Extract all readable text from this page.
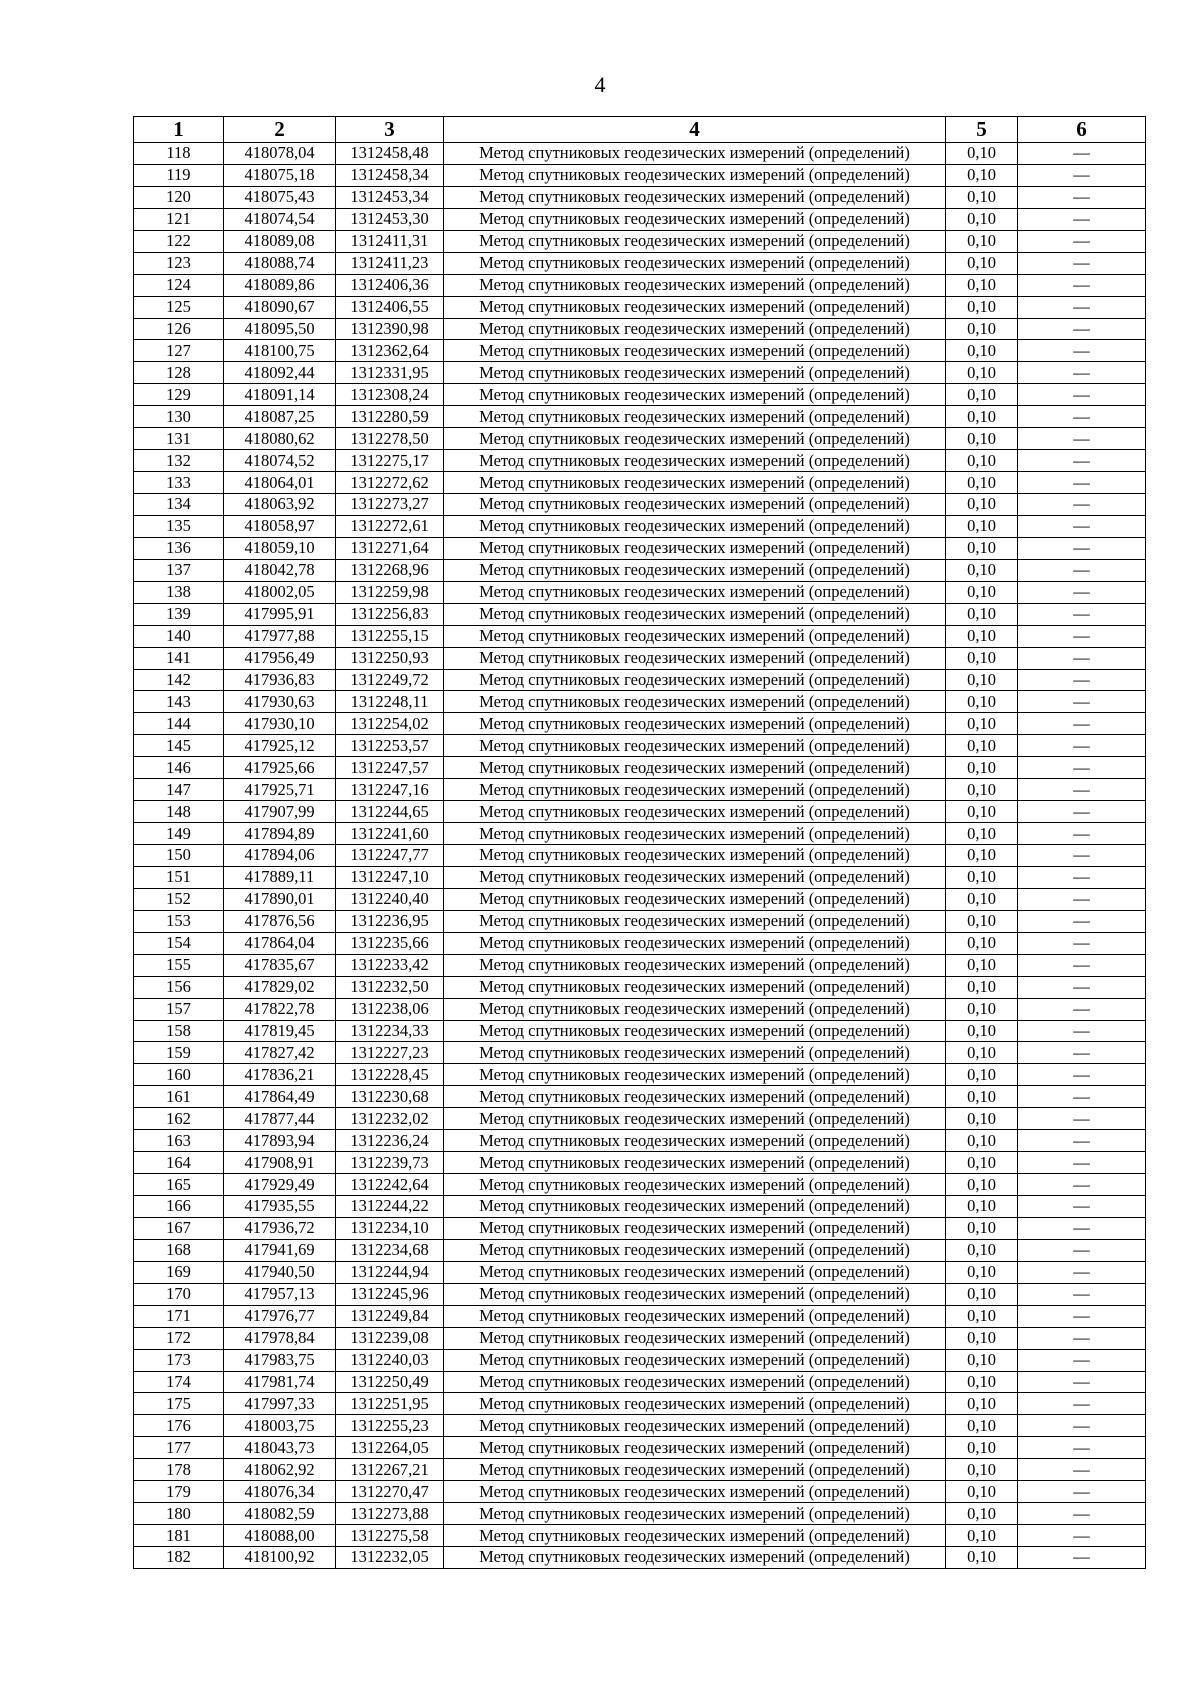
4
1	2	3	4	5	6
118	418078,04	1312458,48	Метод спутниковых геодезических измерений (определений)	0,10	—
119	418075,18	1312458,34	Метод спутниковых геодезических измерений (определений)	0,10	—
120	418075,43	1312453,34	Метод спутниковых геодезических измерений (определений)	0,10	—
121	418074,54	1312453,30	Метод спутниковых геодезических измерений (определений)	0,10	—
122	418089,08	1312411,31	Метод спутниковых геодезических измерений (определений)	0,10	—
123	418088,74	1312411,23	Метод спутниковых геодезических измерений (определений)	0,10	—
124	418089,86	1312406,36	Метод спутниковых геодезических измерений (определений)	0,10	—
125	418090,67	1312406,55	Метод спутниковых геодезических измерений (определений)	0,10	—
126	418095,50	1312390,98	Метод спутниковых геодезических измерений (определений)	0,10	—
127	418100,75	1312362,64	Метод спутниковых геодезических измерений (определений)	0,10	—
128	418092,44	1312331,95	Метод спутниковых геодезических измерений (определений)	0,10	—
129	418091,14	1312308,24	Метод спутниковых геодезических измерений (определений)	0,10	—
130	418087,25	1312280,59	Метод спутниковых геодезических измерений (определений)	0,10	—
131	418080,62	1312278,50	Метод спутниковых геодезических измерений (определений)	0,10	—
132	418074,52	1312275,17	Метод спутниковых геодезических измерений (определений)	0,10	—
133	418064,01	1312272,62	Метод спутниковых геодезических измерений (определений)	0,10	—
134	418063,92	1312273,27	Метод спутниковых геодезических измерений (определений)	0,10	—
135	418058,97	1312272,61	Метод спутниковых геодезических измерений (определений)	0,10	—
136	418059,10	1312271,64	Метод спутниковых геодезических измерений (определений)	0,10	—
137	418042,78	1312268,96	Метод спутниковых геодезических измерений (определений)	0,10	—
138	418002,05	1312259,98	Метод спутниковых геодезических измерений (определений)	0,10	—
139	417995,91	1312256,83	Метод спутниковых геодезических измерений (определений)	0,10	—
140	417977,88	1312255,15	Метод спутниковых геодезических измерений (определений)	0,10	—
141	417956,49	1312250,93	Метод спутниковых геодезических измерений (определений)	0,10	—
142	417936,83	1312249,72	Метод спутниковых геодезических измерений (определений)	0,10	—
143	417930,63	1312248,11	Метод спутниковых геодезических измерений (определений)	0,10	—
144	417930,10	1312254,02	Метод спутниковых геодезических измерений (определений)	0,10	—
145	417925,12	1312253,57	Метод спутниковых геодезических измерений (определений)	0,10	—
146	417925,66	1312247,57	Метод спутниковых геодезических измерений (определений)	0,10	—
147	417925,71	1312247,16	Метод спутниковых геодезических измерений (определений)	0,10	—
148	417907,99	1312244,65	Метод спутниковых геодезических измерений (определений)	0,10	—
149	417894,89	1312241,60	Метод спутниковых геодезических измерений (определений)	0,10	—
150	417894,06	1312247,77	Метод спутниковых геодезических измерений (определений)	0,10	—
151	417889,11	1312247,10	Метод спутниковых геодезических измерений (определений)	0,10	—
152	417890,01	1312240,40	Метод спутниковых геодезических измерений (определений)	0,10	—
153	417876,56	1312236,95	Метод спутниковых геодезических измерений (определений)	0,10	—
154	417864,04	1312235,66	Метод спутниковых геодезических измерений (определений)	0,10	—
155	417835,67	1312233,42	Метод спутниковых геодезических измерений (определений)	0,10	—
156	417829,02	1312232,50	Метод спутниковых геодезических измерений (определений)	0,10	—
157	417822,78	1312238,06	Метод спутниковых геодезических измерений (определений)	0,10	—
158	417819,45	1312234,33	Метод спутниковых геодезических измерений (определений)	0,10	—
159	417827,42	1312227,23	Метод спутниковых геодезических измерений (определений)	0,10	—
160	417836,21	1312228,45	Метод спутниковых геодезических измерений (определений)	0,10	—
161	417864,49	1312230,68	Метод спутниковых геодезических измерений (определений)	0,10	—
162	417877,44	1312232,02	Метод спутниковых геодезических измерений (определений)	0,10	—
163	417893,94	1312236,24	Метод спутниковых геодезических измерений (определений)	0,10	—
164	417908,91	1312239,73	Метод спутниковых геодезических измерений (определений)	0,10	—
165	417929,49	1312242,64	Метод спутниковых геодезических измерений (определений)	0,10	—
166	417935,55	1312244,22	Метод спутниковых геодезических измерений (определений)	0,10	—
167	417936,72	1312234,10	Метод спутниковых геодезических измерений (определений)	0,10	—
168	417941,69	1312234,68	Метод спутниковых геодезических измерений (определений)	0,10	—
169	417940,50	1312244,94	Метод спутниковых геодезических измерений (определений)	0,10	—
170	417957,13	1312245,96	Метод спутниковых геодезических измерений (определений)	0,10	—
171	417976,77	1312249,84	Метод спутниковых геодезических измерений (определений)	0,10	—
172	417978,84	1312239,08	Метод спутниковых геодезических измерений (определений)	0,10	—
173	417983,75	1312240,03	Метод спутниковых геодезических измерений (определений)	0,10	—
174	417981,74	1312250,49	Метод спутниковых геодезических измерений (определений)	0,10	—
175	417997,33	1312251,95	Метод спутниковых геодезических измерений (определений)	0,10	—
176	418003,75	1312255,23	Метод спутниковых геодезических измерений (определений)	0,10	—
177	418043,73	1312264,05	Метод спутниковых геодезических измерений (определений)	0,10	—
178	418062,92	1312267,21	Метод спутниковых геодезических измерений (определений)	0,10	—
179	418076,34	1312270,47	Метод спутниковых геодезических измерений (определений)	0,10	—
180	418082,59	1312273,88	Метод спутниковых геодезических измерений (определений)	0,10	—
181	418088,00	1312275,58	Метод спутниковых геодезических измерений (определений)	0,10	—
182	418100,92	1312232,05	Метод спутниковых геодезических измерений (определений)	0,10	—
